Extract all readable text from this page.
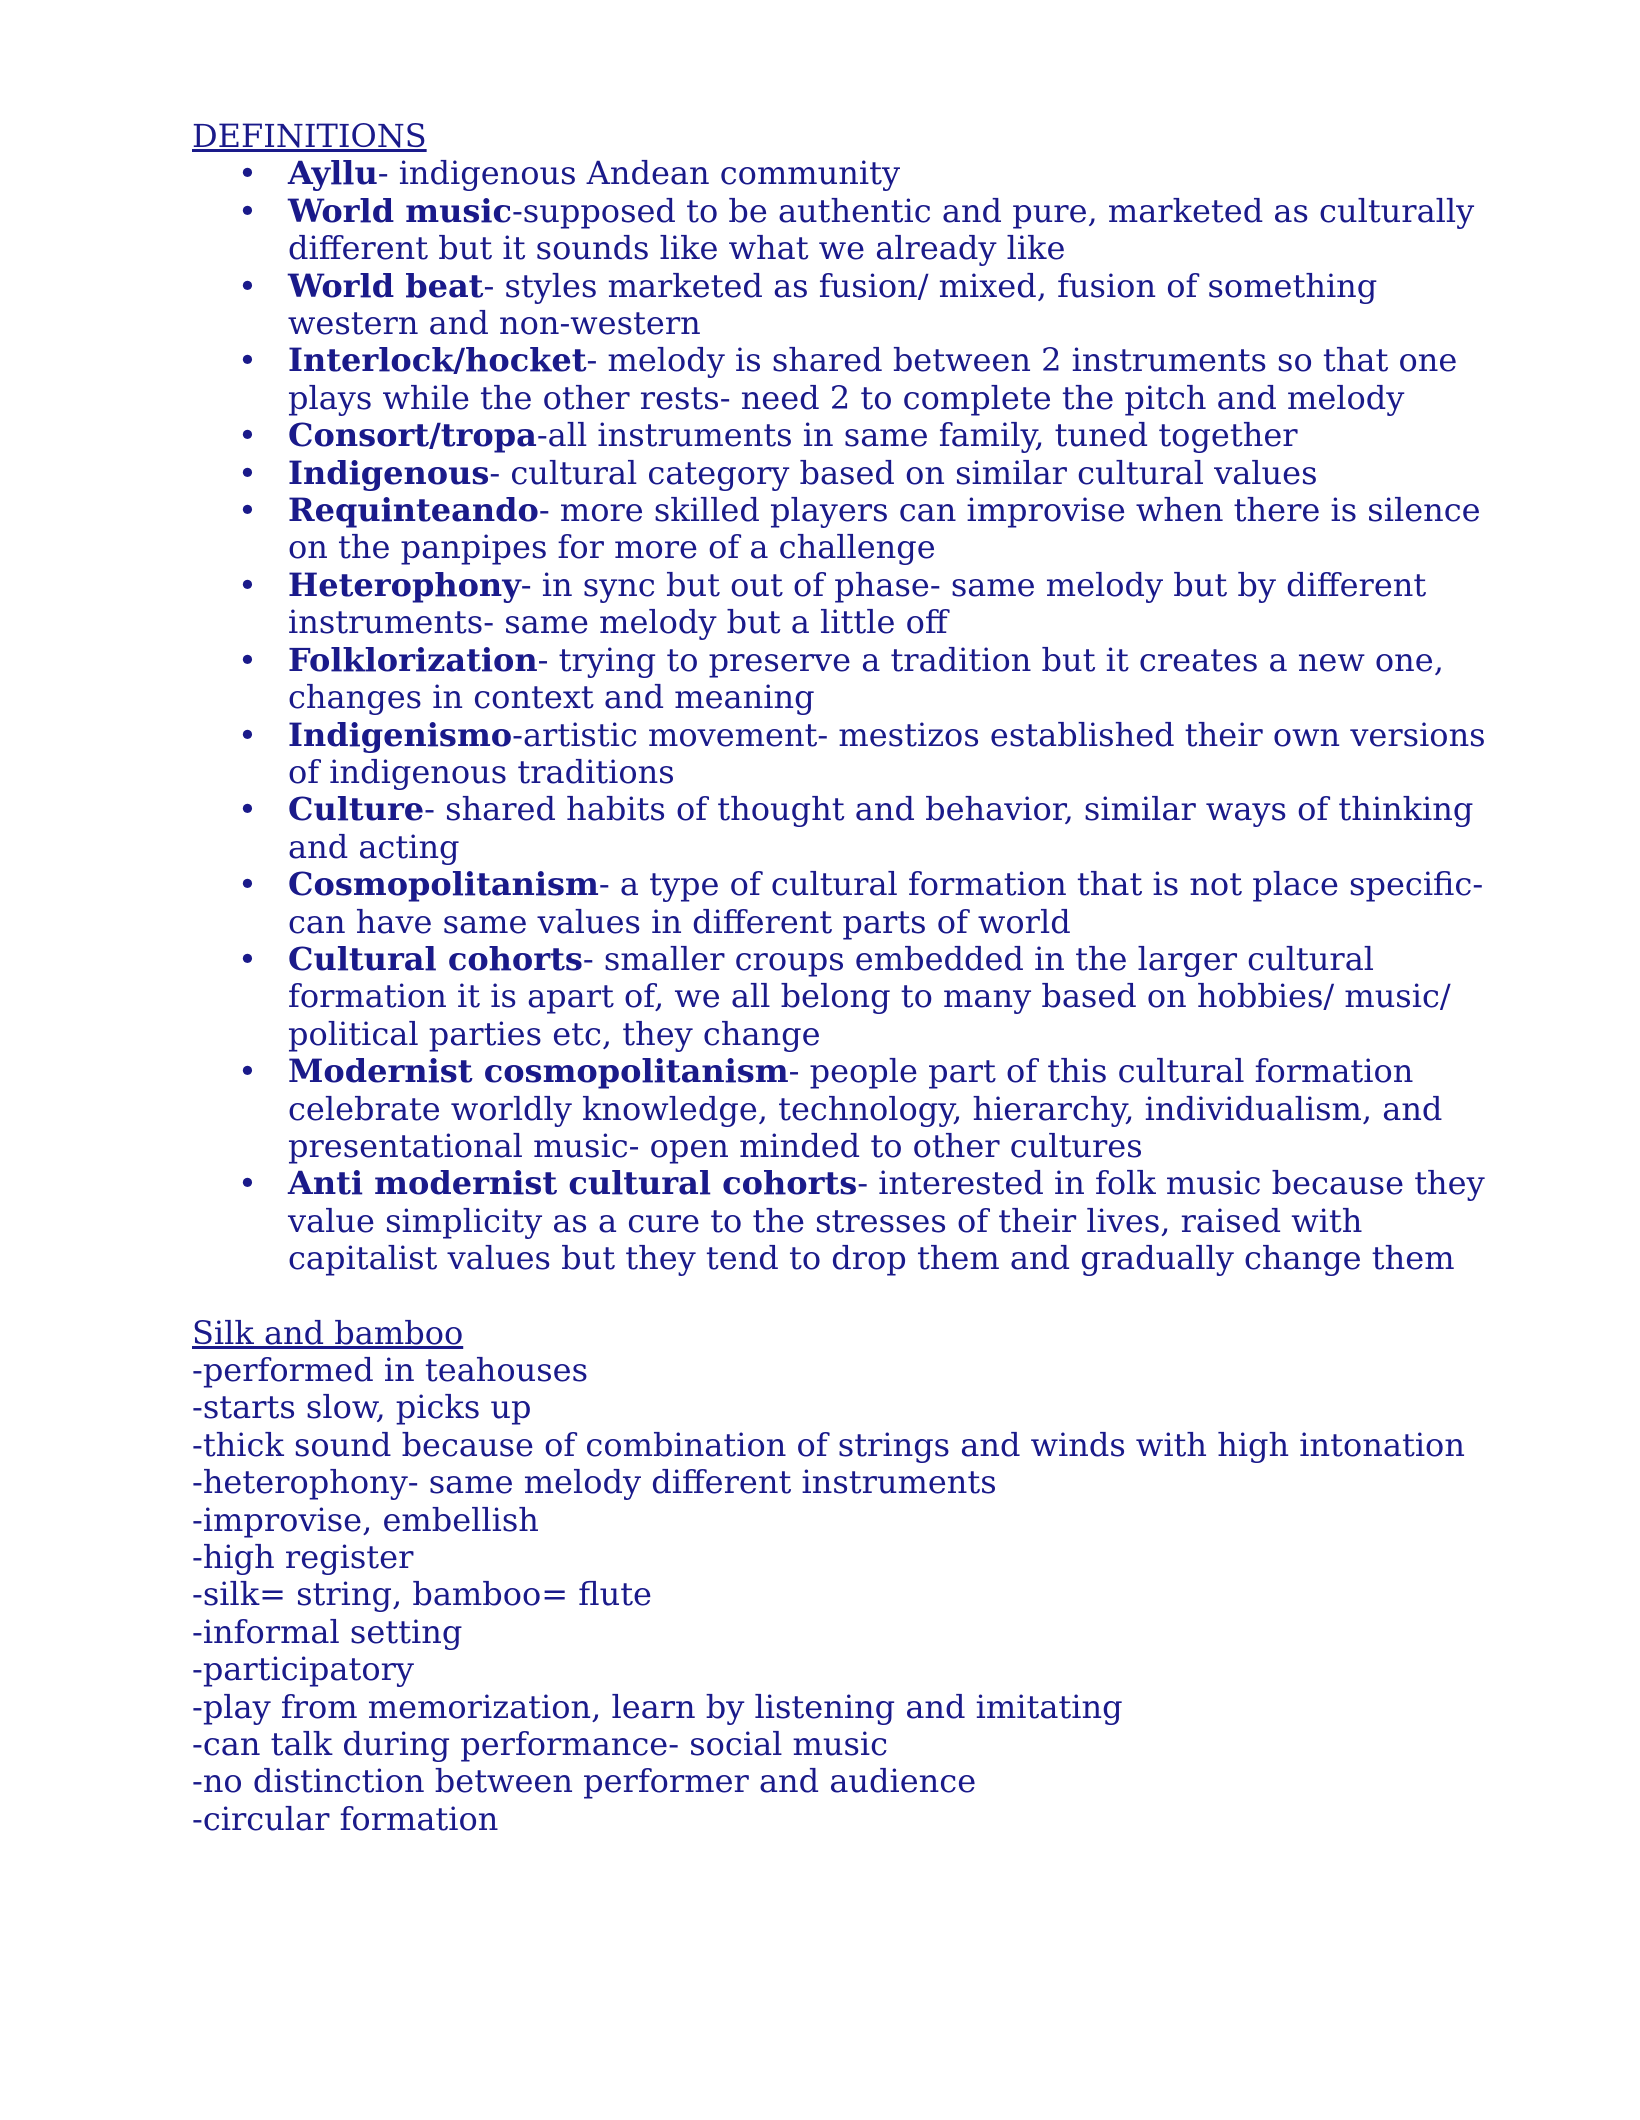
DEFINITIONS
• Ayllu- indigenous Andean community
• World music-supposed to be authentic and pure, marketed as culturally different but it sounds like what we already like
• World beat- styles marketed as fusion/ mixed, fusion of something western and non-western
• Interlock/hocket- melody is shared between 2 instruments so that one plays while the other rests- need 2 to complete the pitch and melody
• Consort/tropa-all instruments in same family, tuned together
• Indigenous- cultural category based on similar cultural values
• Requinteando- more skilled players can improvise when there is silence on the panpipes for more of a challenge
• Heterophony- in sync but out of phase- same melody but by different instruments- same melody but a little off
• Folklorization- trying to preserve a tradition but it creates a new one, changes in context and meaning
• Indigenismo-artistic movement- mestizos established their own versions of indigenous traditions
• Culture- shared habits of thought and behavior, similar ways of thinking and acting
• Cosmopolitanism- a type of cultural formation that is not place specific- can have same values in different parts of world
• Cultural cohorts- smaller croups embedded in the larger cultural formation it is apart of, we all belong to many based on hobbies/ music/ political parties etc, they change
• Modernist cosmopolitanism- people part of this cultural formation celebrate worldly knowledge, technology, hierarchy, individualism, and presentational music- open minded to other cultures
• Anti modernist cultural cohorts- interested in folk music because they value simplicity as a cure to the stresses of their lives, raised with capitalist values but they tend to drop them and gradually change them
Silk and bamboo
-performed in teahouses
-starts slow, picks up
-thick sound because of combination of strings and winds with high intonation
-heterophony- same melody different instruments
-improvise, embellish
-high register
-silk= string, bamboo= flute
-informal setting
-participatory
-play from memorization, learn by listening and imitating
-can talk during performance- social music
-no distinction between performer and audience
-circular formation
